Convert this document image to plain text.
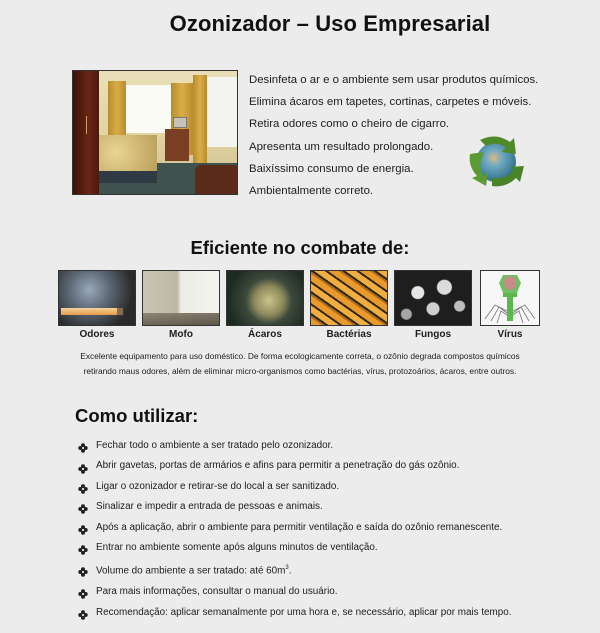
Ozonizador – Uso Empresarial
Desinfeta o ar e o ambiente sem usar produtos químicos.
Elimina ácaros em tapetes, cortinas, carpetes e móveis.
Retira odores como o cheiro de cigarro.
Apresenta um resultado prolongado.
Baixíssimo consumo de energia.
Ambientalmente correto.
Eficiente no combate de:
Odores	Mofo	Ácaros	Bactérias	Fungos	Vírus
Excelente equipamento para uso doméstico. De forma ecologicamente correta, o ozônio degrada compostos químicos
retirando maus odores, além de eliminar micro-organismos como bactérias, vírus, protozoários, ácaros, entre outros.
Como utilizar:
Fechar todo o ambiente a ser tratado pelo ozonizador.
Abrir gavetas, portas de armários e afins para permitir a penetração do gás ozônio.
Ligar o ozonizador e retirar-se do local a ser sanitizado.
Sinalizar e impedir a entrada de pessoas e animais.
Após a aplicação, abrir o ambiente para permitir ventilação e saída do ozônio remanescente.
Entrar no ambiente somente após alguns minutos de ventilação.
Volume do ambiente a ser tratado: até $60m^3$.
Para mais informações, consultar o manual do usuário.
Recomendação: aplicar semanalmente por uma hora e, se necessário, aplicar por mais tempo.
